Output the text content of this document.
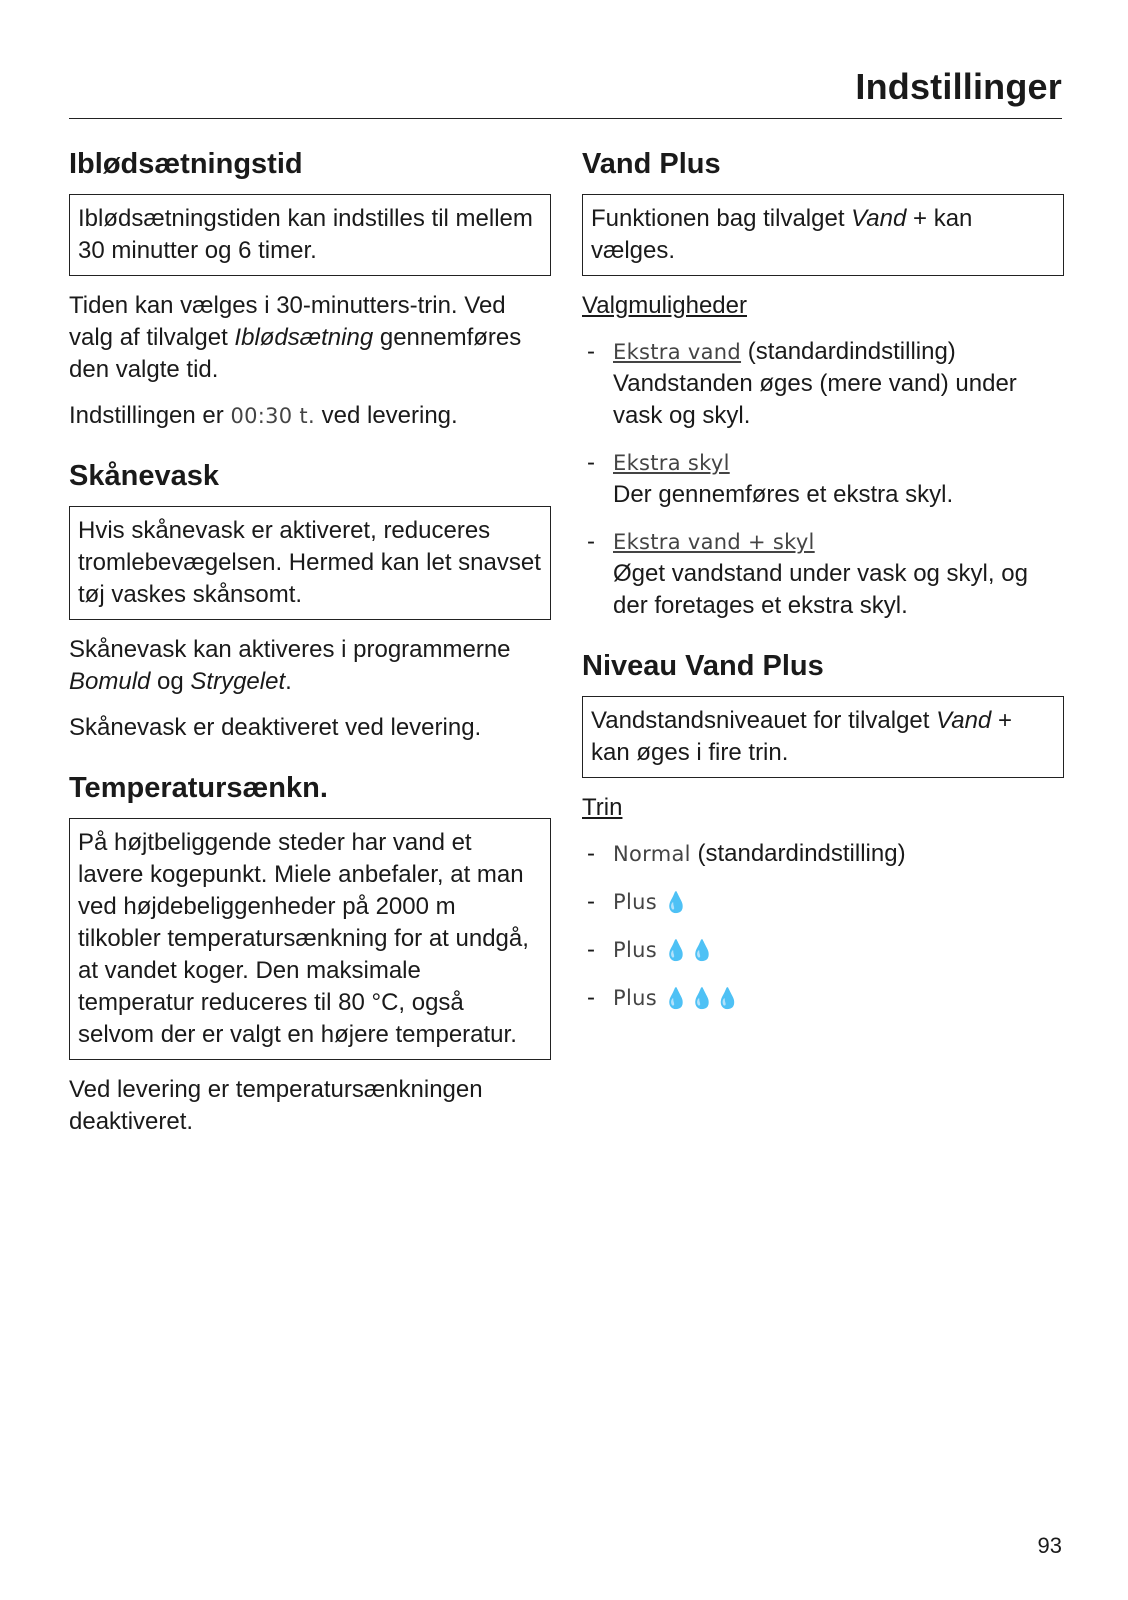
Indstillinger
Iblødsætningstid
Iblødsætningstiden kan indstilles til mellem 30 minutter og 6 timer.

Tiden kan vælges i 30-minutters-trin. Ved valg af tilvalget Iblødsætning gennemføres den valgte tid.

Indstillingen er 00:30 t. ved levering.

Skånevask
Hvis skånevask er aktiveret, reduceres tromlebevægelsen. Hermed kan let snavset tøj vaskes skånsomt.

Skånevask kan aktiveres i programmerne Bomuld og Strygelet.

Skånevask er deaktiveret ved levering.

Temperatursænkn.
På højtbeliggende steder har vand et lavere kogepunkt. Miele anbefaler, at man ved højdebeliggenheder på 2000 m tilkobler temperatursænkning for at undgå, at vandet koger. Den maksimale temperatur reduceres til 80 °C, også selvom der er valgt en højere temperatur.

Ved levering er temperatursænkningen deaktiveret.

Vand Plus
Funktionen bag tilvalget Vand + kan vælges.

Valgmuligheder

- Ekstra vand (standardindstilling)
Vandstanden øges (mere vand) under vask og skyl.
- Ekstra skyl
Der gennemføres et ekstra skyl.
- Ekstra vand + skyl
Øget vandstand under vask og skyl, og der foretages et ekstra skyl.
Niveau Vand Plus
Vandstandsniveauet for tilvalget Vand + kan øges i fire trin.

Trin

- Normal (standardindstilling)
- Plus 💧
- Plus 💧💧
- Plus 💧💧💧
93
